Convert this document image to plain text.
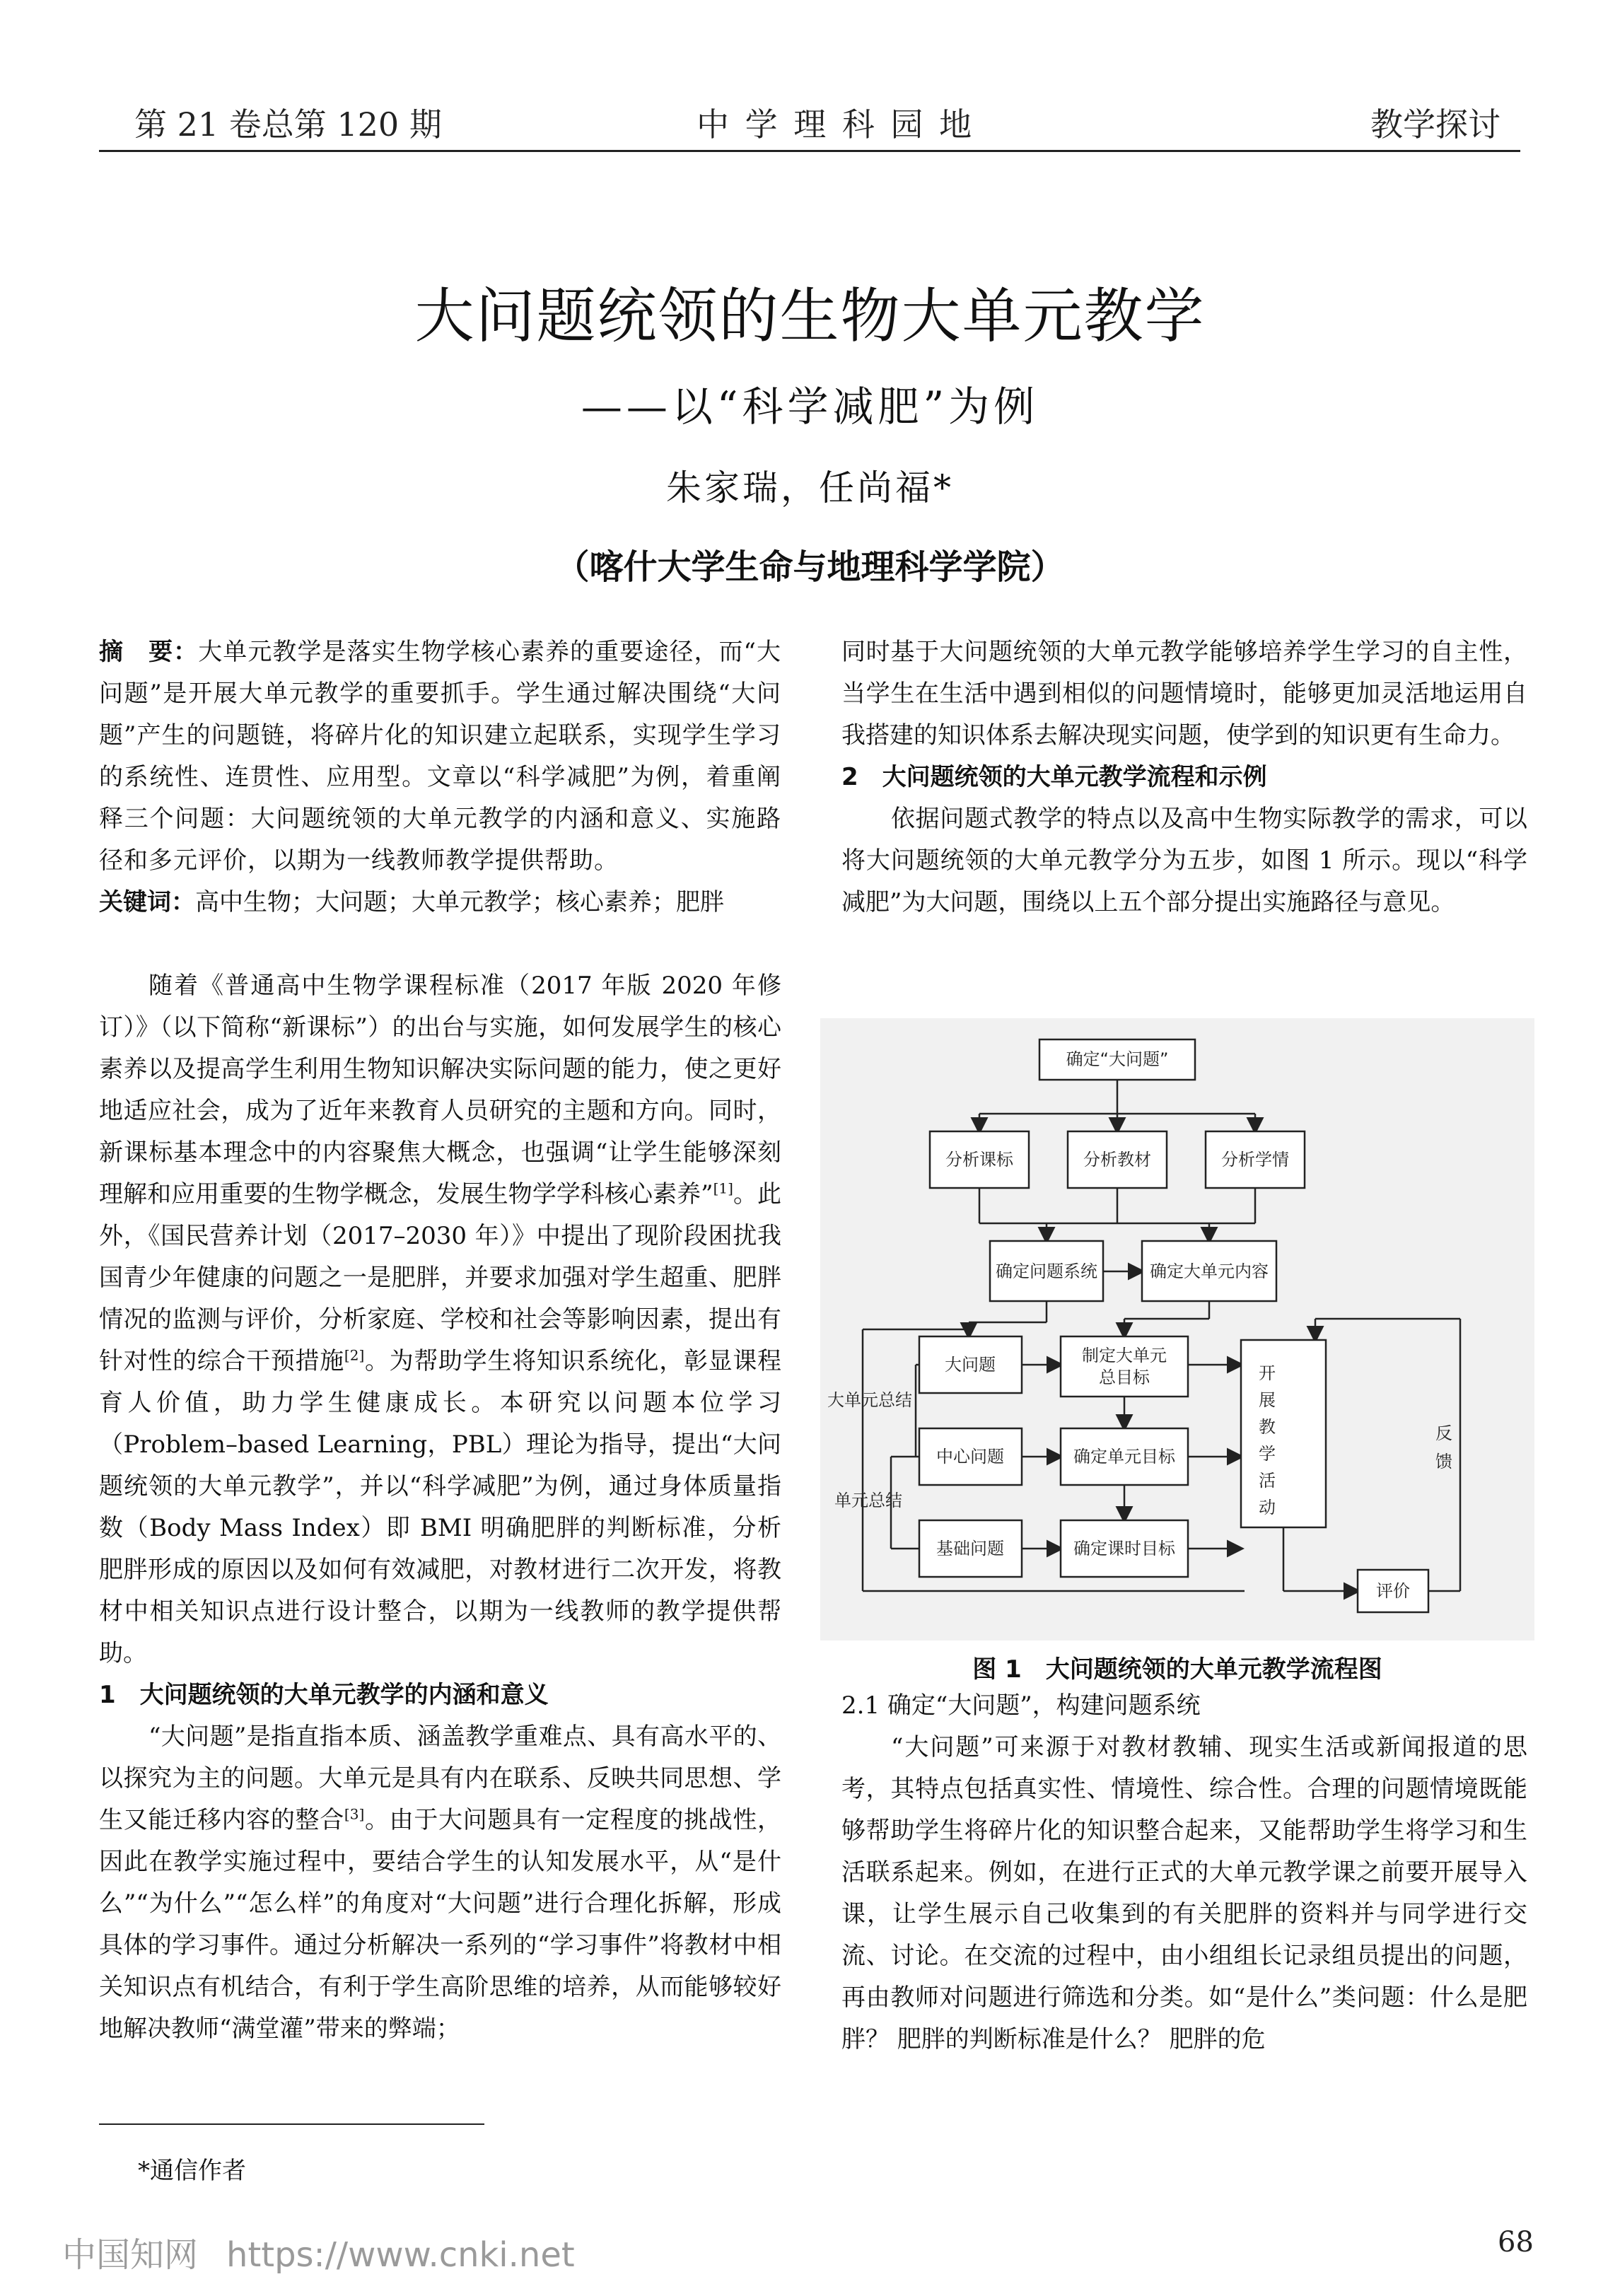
第 21 卷总第 120 期	中 学 理 科 园 地	教学探讨
大问题统领的生物大单元教学
——以“科学减肥”为例
朱家瑞，任尚福*
（喀什大学生命与地理科学学院）

摘　要：大单元教学是落实生物学核心素养的重要途径，而“大问题”是开展大单元教学的重要抓手。学生通过解决围绕“大问题”产生的问题链，将碎片化的知识建立起联系，实现学生学习的系统性、连贯性、应用型。文章以“科学减肥”为例，着重阐释三个问题：大问题统领的大单元教学的内涵和意义、实施路径和多元评价，以期为一线教师教学提供帮助。

关键词：高中生物；大问题；大单元教学；核心素养；肥胖

随着《普通高中生物学课程标准（2017 年版 2020 年修订）》（以下简称“新课标”）的出台与实施，如何发展学生的核心素养以及提高学生利用生物知识解决实际问题的能力，使之更好地适应社会，成为了近年来教育人员研究的主题和方向。同时，新课标基本理念中的内容聚焦大概念，也强调“让学生能够深刻理解和应用重要的生物学概念，发展生物学学科核心素养”[1]。此外，《国民营养计划（2017–2030 年）》中提出了现阶段困扰我国青少年健康的问题之一是肥胖，并要求加强对学生超重、肥胖情况的监测与评价，分析家庭、学校和社会等影响因素，提出有针对性的综合干预措施[2]。为帮助学生将知识系统化，彰显课程育人价值，助力学生健康成长。本研究以问题本位学习（Problem–based Learning，PBL）理论为指导，提出“大问题统领的大单元教学”，并以“科学减肥”为例，通过身体质量指数（Body Mass Index）即 BMI 明确肥胖的判断标准，分析肥胖形成的原因以及如何有效减肥，对教材进行二次开发，将教材中相关知识点进行设计整合，以期为一线教师的教学提供帮助。

1　大问题统领的大单元教学的内涵和意义

“大问题”是指直指本质、涵盖教学重难点、具有高水平的、以探究为主的问题。大单元是具有内在联系、反映共同思想、学生又能迁移内容的整合[3]。由于大问题具有一定程度的挑战性，因此在教学实施过程中，要结合学生的认知发展水平，从“是什么”“为什么”“怎么样”的角度对“大问题”进行合理化拆解，形成具体的学习事件。通过分析解决一系列的“学习事件”将教材中相关知识点有机结合，有利于学生高阶思维的培养，从而能够较好地解决教师“满堂灌”带来的弊端；

同时基于大问题统领的大单元教学能够培养学生学习的自主性，当学生在生活中遇到相似的问题情境时，能够更加灵活地运用自我搭建的知识体系去解决现实问题，使学到的知识更有生命力。

2　大问题统领的大单元教学流程和示例

依据问题式教学的特点以及高中生物实际教学的需求，可以将大问题统领的大单元教学分为五步，如图 1 所示。现以“科学减肥”为大问题，围绕以上五个部分提出实施路径与意见。

确定“大问题”
分析课标	分析教材	分析学情
确定问题系统	确定大单元内容
大问题
中心问题
基础问题
制定大单元
总目标
确定单元目标
确定课时目标
开
展
教
学
活
动
评价
反
馈
大单元总结
单元总结
图 1　大问题统领的大单元教学流程图
2.1 确定“大问题”，构建问题系统

“大问题”可来源于对教材教辅、现实生活或新闻报道的思考，其特点包括真实性、情境性、综合性。合理的问题情境既能够帮助学生将碎片化的知识整合起来，又能帮助学生将学习和生活联系起来。例如，在进行正式的大单元教学课之前要开展导入课，让学生展示自己收集到的有关肥胖的资料并与同学进行交流、讨论。在交流的过程中，由小组组长记录组员提出的问题，再由教师对问题进行筛选和分类。如“是什么”类问题：什么是肥胖？ 肥胖的判断标准是什么？ 肥胖的危

*通信作者
中国知网 https://www.cnki.net	68
